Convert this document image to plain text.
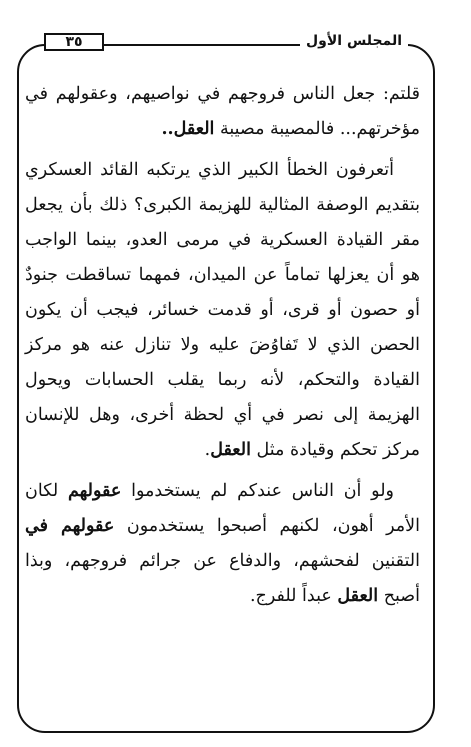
المجلس الأول
٣٥

قلتم: جعل الناس فروجهم في نواصيهم، وعقولهم في مؤخرتهم... فالمصيبة مصيبة العقل..

أتعرفون الخطأ الكبير الذي يرتكبه القائد العسكري بتقديم الوصفة المثالية للهزيمة الكبرى؟ ذلك بأن يجعل مقر القيادة العسكرية في مرمى العدو، بينما الواجب هو أن يعزلها تماماً عن الميدان، فمهما تساقطت جنودٌ أو حصون أو قرى، أو قدمت خسائر، فيجب أن يكون الحصن الذي لا تَفاوُضَ عليه ولا تنازل عنه هو مركز القيادة والتحكم، لأنه ربما يقلب الحسابات ويحول الهزيمة إلى نصر في أي لحظة أخرى، وهل للإنسان مركز تحكم وقيادة مثل العقل.

ولو أن الناس عندكم لم يستخدموا عقولهم لكان الأمر أهون، لكنهم أصبحوا يستخدمون عقولهم في التقنين لفحشهم، والدفاع عن جرائم فروجهم، وبذا أصبح العقل عبداً للفرج.
